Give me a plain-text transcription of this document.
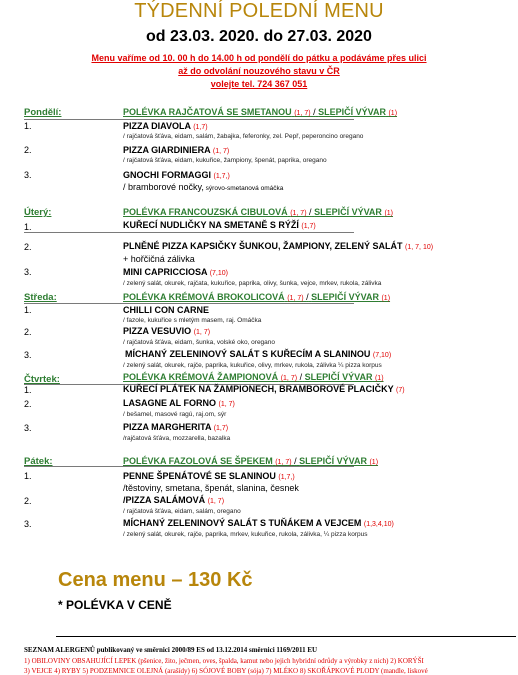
TÝDENNÍ POLEDNÍ MENU
od 23.03. 2020. do 27.03. 2020
Menu vaříme od 10. 00 h do 14.00 h od pondělí do pátku a podáváme přes ulici
až do odvolání nouzového stavu v ČR
volejte tel. 724 367 051
Pondělí:	POLÉVKA RAJČATOVÁ SE SMETANOU (1, 7) / SLEPIČÍ VÝVAR (1)
1.	PIZZA DIAVOLA (1,7)
/ rajčatová šťáva, eidam, salám, žabajka, feferonky, zel. Pepř, peperoncino oregano
2.	PIZZA GIARDINIERA (1, 7)
/ rajčatová šťáva, eidam, kukuřice, žampiony, špenát, paprika, oregano
3.	GNOCHI FORMAGGI (1,7,)
/ bramborové nočky, sýrovo-smetanová omáčka
Úterý:	POLÉVKA FRANCOUZSKÁ CIBULOVÁ (1, 7) / SLEPIČÍ VÝVAR (1)
1.	KUŘECÍ NUDLIČKY NA SMETANĚ S RÝŽÍ (1,7)
2.	PLNĚNÉ PIZZA KAPSIČKY ŠUNKOU, ŽAMPIONY, ZELENÝ SALÁT (1, 7, 10)
+ hořčičná zálivka
3.	MINI CAPRICCIOSA (7,10)
/ zelený salát, okurek, rajčata, kukuřice, paprika, olivy, šunka, vejce, mrkev, rukola, zálivka
Středa:	POLÉVKA KRÉMOVÁ BROKOLICOVÁ (1, 7) / SLEPIČÍ VÝVAR (1)
1.	CHILLI CON CARNE
/ fazole, kukuřice s mletým masem, raj. Omáčka
2.	PIZZA VESUVIO (1, 7)
/ rajčatová šťáva, eidam, šunka, volské oko, oregano
3.	MÍCHANÝ ZELENINOVÝ SALÁT S KUŘECÍM A SLANINOU (7,10)
/ zelený salát, okurek, rajče, paprika, kukuřice, olivy, mrkev, rukola, zálivka ¼ pizza korpus
Čtvrtek:	POLÉVKA KRÉMOVÁ ŽAMPIONOVÁ (1, 7) / SLEPIČÍ VÝVAR (1)
1.	KUŘECÍ PLÁTEK NA ŽAMPIONECH, BRAMBOROVÉ PLACIČKY (7)
2.	LASAGNE AL FORNO (1, 7)
/ bešamel, masové ragú, raj.om, sýr
3.	PIZZA MARGHERITA (1,7)
/rajčatová šťáva, mozzarella, bazalka
Pátek:	POLÉVKA FAZOLOVÁ SE ŠPEKEM (1, 7) / SLEPIČÍ VÝVAR (1)
1.	PENNE ŠPENÁTOVÉ SE SLANINOU (1,7,)
/těstoviny, smetana, špenát, slanina, česnek
2.	/PIZZA SALÁMOVÁ (1, 7)
/ rajčatová šťáva, eidam, salám, oregano
3.	MÍCHANÝ ZELENINOVÝ SALÁT S TUŇÁKEM A VEJCEM (1,3,4,10)
/ zelený salát, okurek, rajče, paprika, mrkev, kukuřice, rukola, zálivka, ¼ pizza korpus
Cena menu – 130 Kč
* POLÉVKA V CENĚ
SEZNAM ALERGENŮ publikovaný ve směrnici 2000/89 ES od 13.12.2014 směrnici 1169/2011 EU
1) OBILOVINY OBSAHUJÍCÍ LEPEK (pšenice, žito, ječmen, oves, špalda, kamut nebo jejich hybridní odrůdy a výrobky z nich) 2) KORÝŠI
3) VEJCE 4) RYBY 5) PODZEMNICE OLEJNÁ (arašídy) 6) SÓJOVÉ BOBY (sója) 7) MLÉKO 8) SKOŘÁPKOVÉ PLODY (mandle, lískové
